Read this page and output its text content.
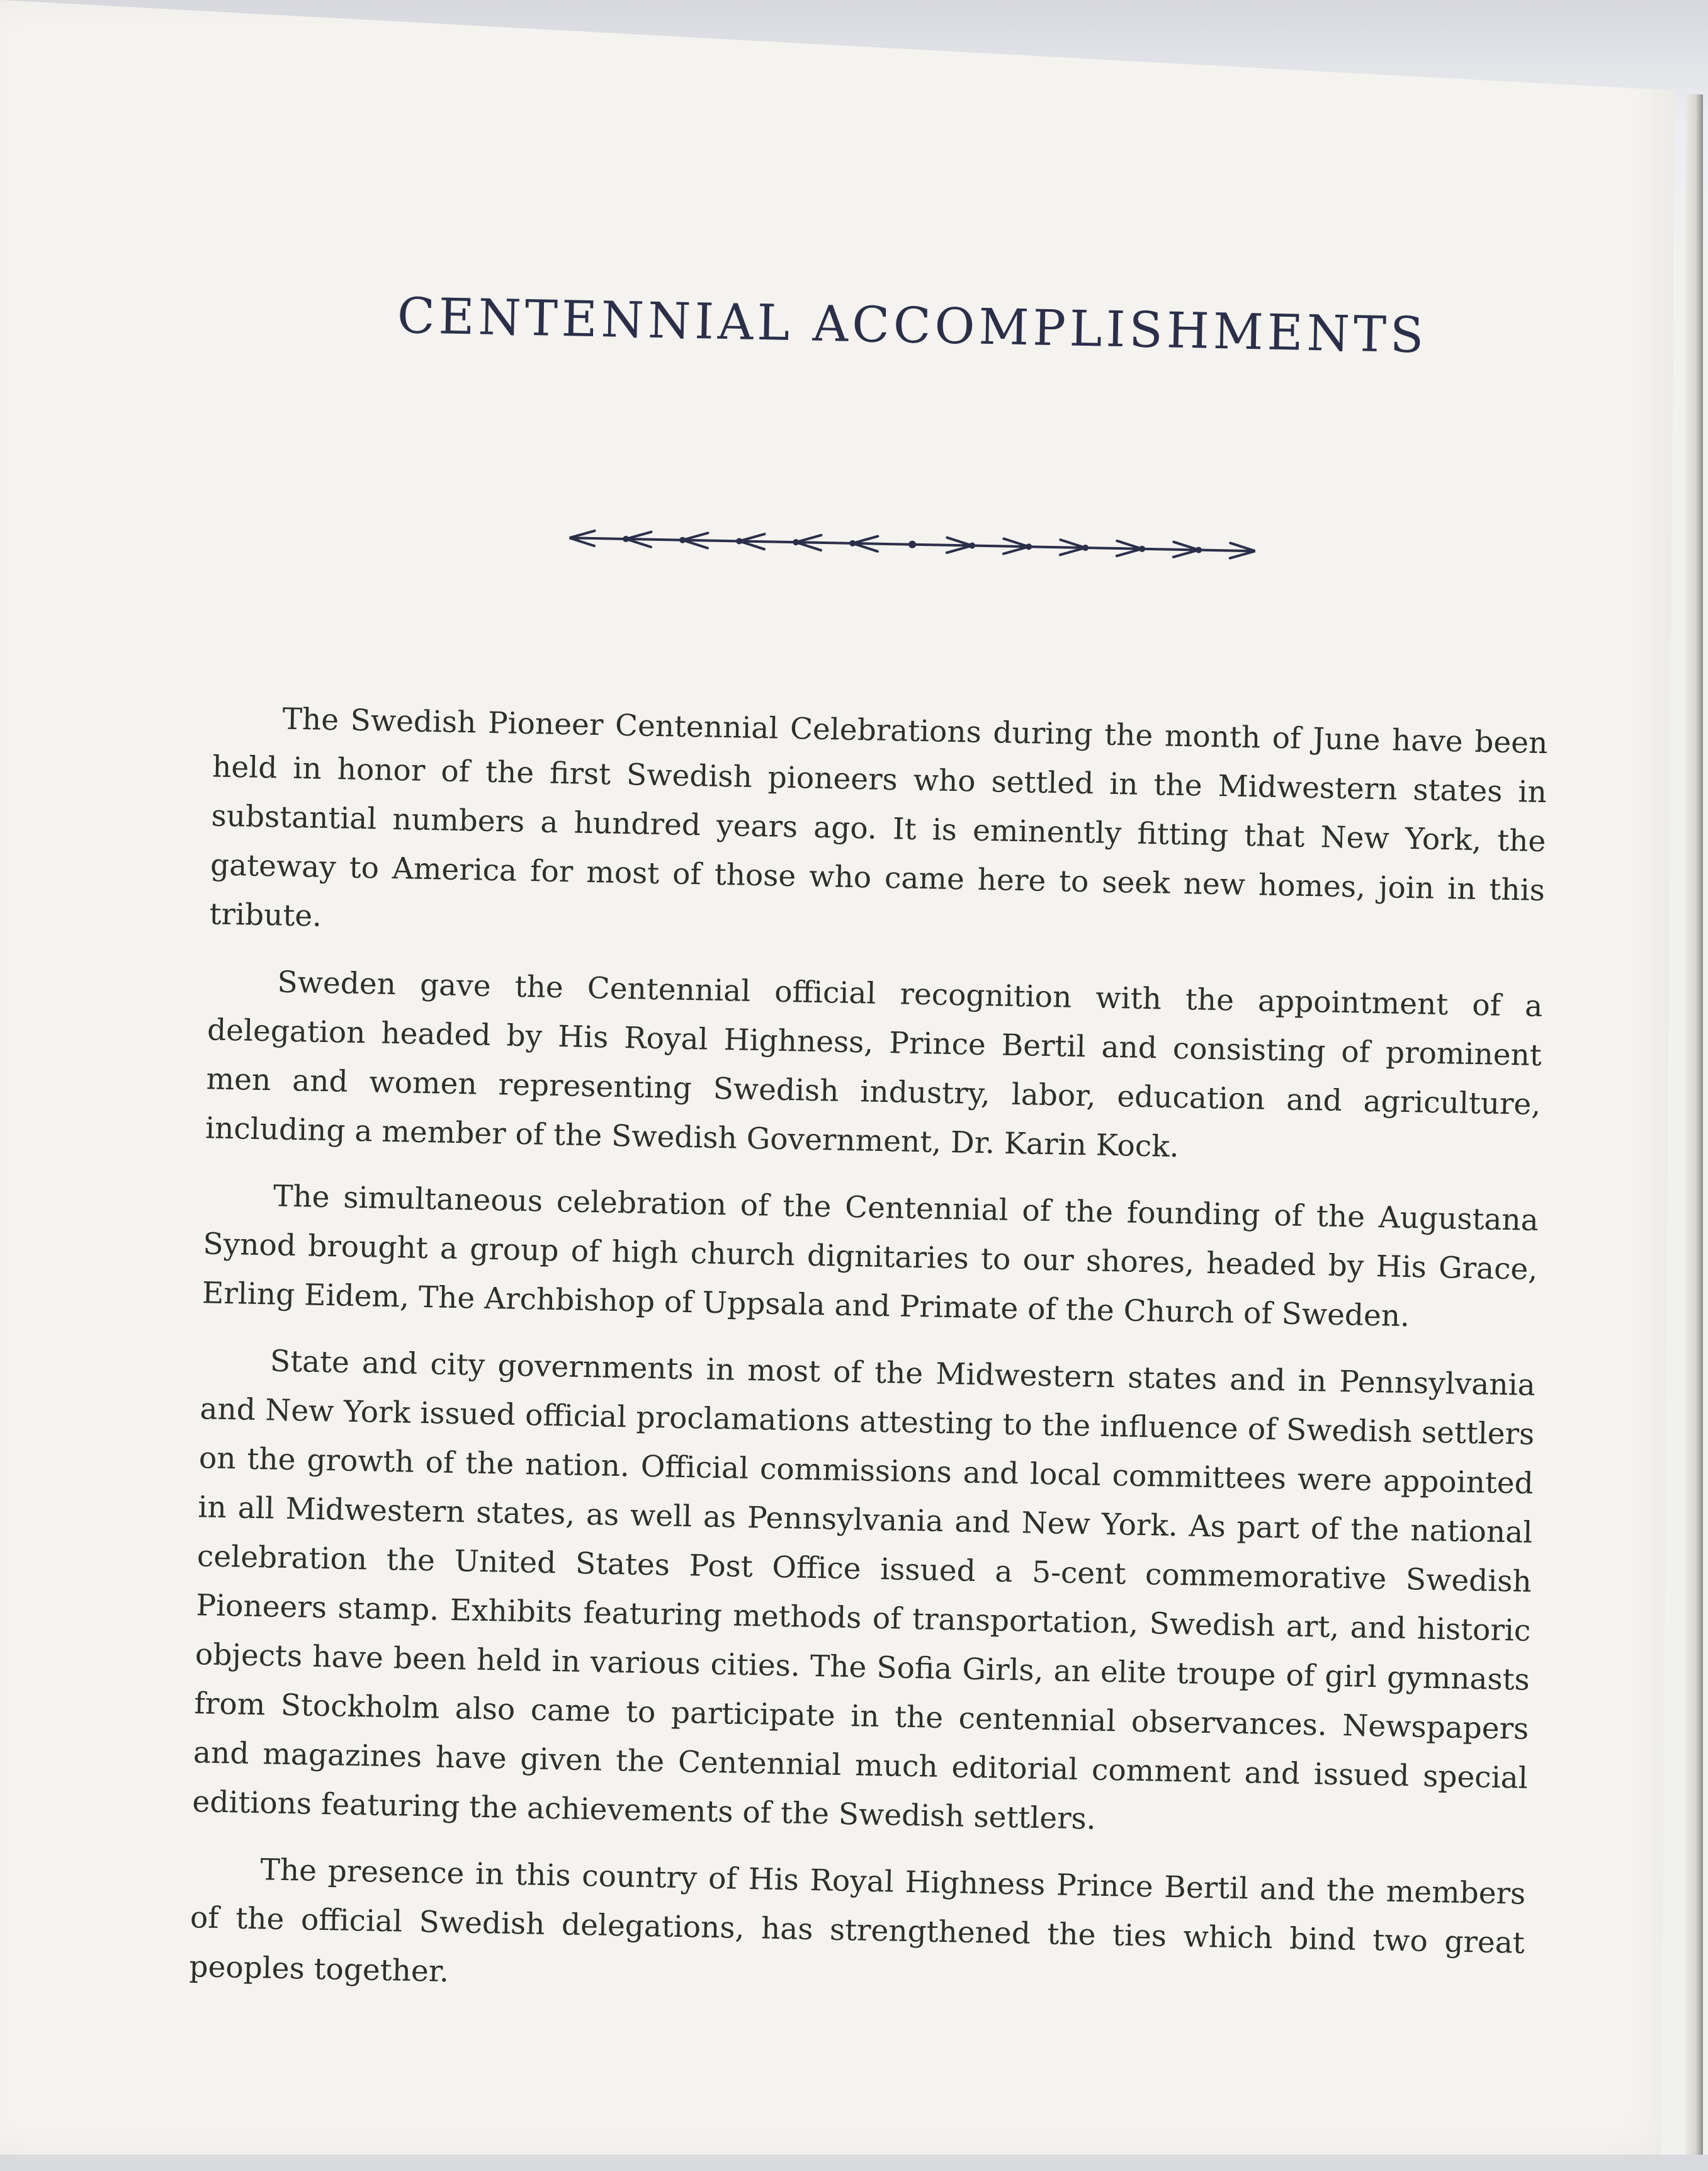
CENTENNIAL ACCOMPLISHMENTS

The Swedish Pioneer Centennial Celebrations during the month of June have been held in honor of the first Swedish pioneers who settled in the Midwestern states in substantial numbers a hundred years ago. It is eminently fitting that New York, the gateway to America for most of those who came here to seek new homes, join in this tribute.

Sweden gave the Centennial official recognition with the appointment of a delegation headed by His Royal Highness, Prince Bertil and consisting of prominent men and women representing Swedish industry, labor, education and agriculture, including a member of the Swedish Government, Dr. Karin Kock.

The simultaneous celebration of the Centennial of the founding of the Augustana Synod brought a group of high church dignitaries to our shores, headed by His Grace, Erling Eidem, The Archbishop of Uppsala and Primate of the Church of Sweden.

State and city governments in most of the Midwestern states and in Pennsylvania and New York issued official proclamations attesting to the influence of Swedish settlers on the growth of the nation. Official commissions and local committees were appointed in all Midwestern states, as well as Pennsylvania and New York. As part of the national celebration the United States Post Office issued a 5-cent commemorative Swedish Pioneers stamp. Exhibits featuring methods of transportation, Swedish art, and historic objects have been held in various cities. The Sofia Girls, an elite troupe of girl gymnasts from Stockholm also came to participate in the centennial observances. Newspapers and magazines have given the Centennial much editorial comment and issued special editions featuring the achievements of the Swedish settlers.

The presence in this country of His Royal Highness Prince Bertil and the members of the official Swedish delegations, has strengthened the ties which bind two great peoples together.
